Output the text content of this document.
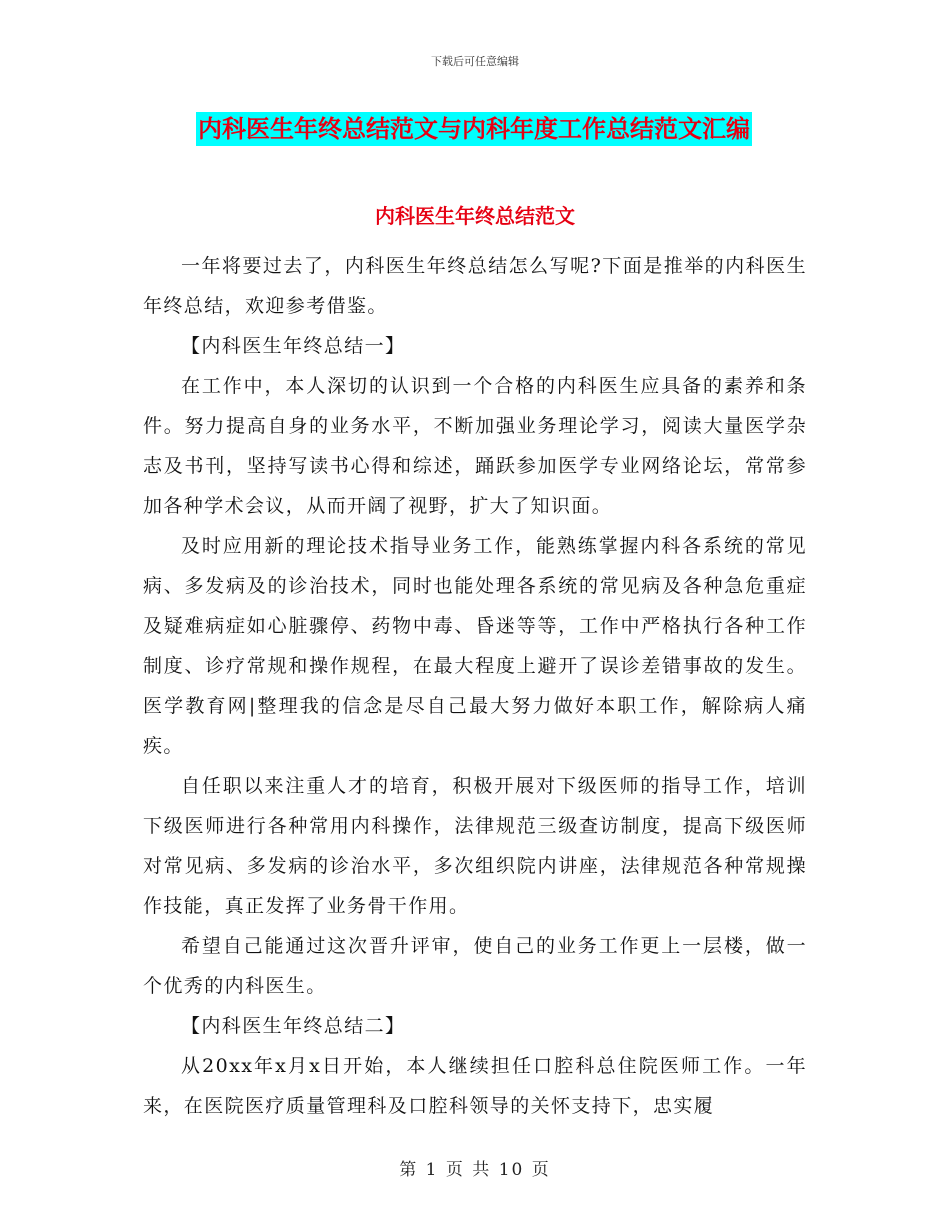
下载后可任意编辑
内科医生年终总结范文与内科年度工作总结范文汇编
内科医生年终总结范文

一年将要过去了，内科医生年终总结怎么写呢?下面是推举的内科医生年终总结，欢迎参考借鉴。

【内科医生年终总结一】

在工作中，本人深切的认识到一个合格的内科医生应具备的素养和条件。努力提高自身的业务水平，不断加强业务理论学习，阅读大量医学杂志及书刊，坚持写读书心得和综述，踊跃参加医学专业网络论坛，常常参加各种学术会议，从而开阔了视野，扩大了知识面。

及时应用新的理论技术指导业务工作，能熟练掌握内科各系统的常见病、多发病及的诊治技术，同时也能处理各系统的常见病及各种急危重症及疑难病症如心脏骤停、药物中毒、昏迷等等，工作中严格执行各种工作制度、诊疗常规和操作规程，在最大程度上避开了误诊差错事故的发生。医学教育网|整理我的信念是尽自己最大努力做好本职工作，解除病人痛疾。

自任职以来注重人才的培育，积极开展对下级医师的指导工作，培训下级医师进行各种常用内科操作，法律规范三级查访制度，提高下级医师对常见病、多发病的诊治水平，多次组织院内讲座，法律规范各种常规操作技能，真正发挥了业务骨干作用。

希望自己能通过这次晋升评审，使自己的业务工作更上一层楼，做一个优秀的内科医生。

【内科医生年终总结二】

从20xx年x月x日开始，本人继续担任口腔科总住院医师工作。一年来，在医院医疗质量管理科及口腔科领导的关怀支持下，忠实履

第 1 页 共 10 页
